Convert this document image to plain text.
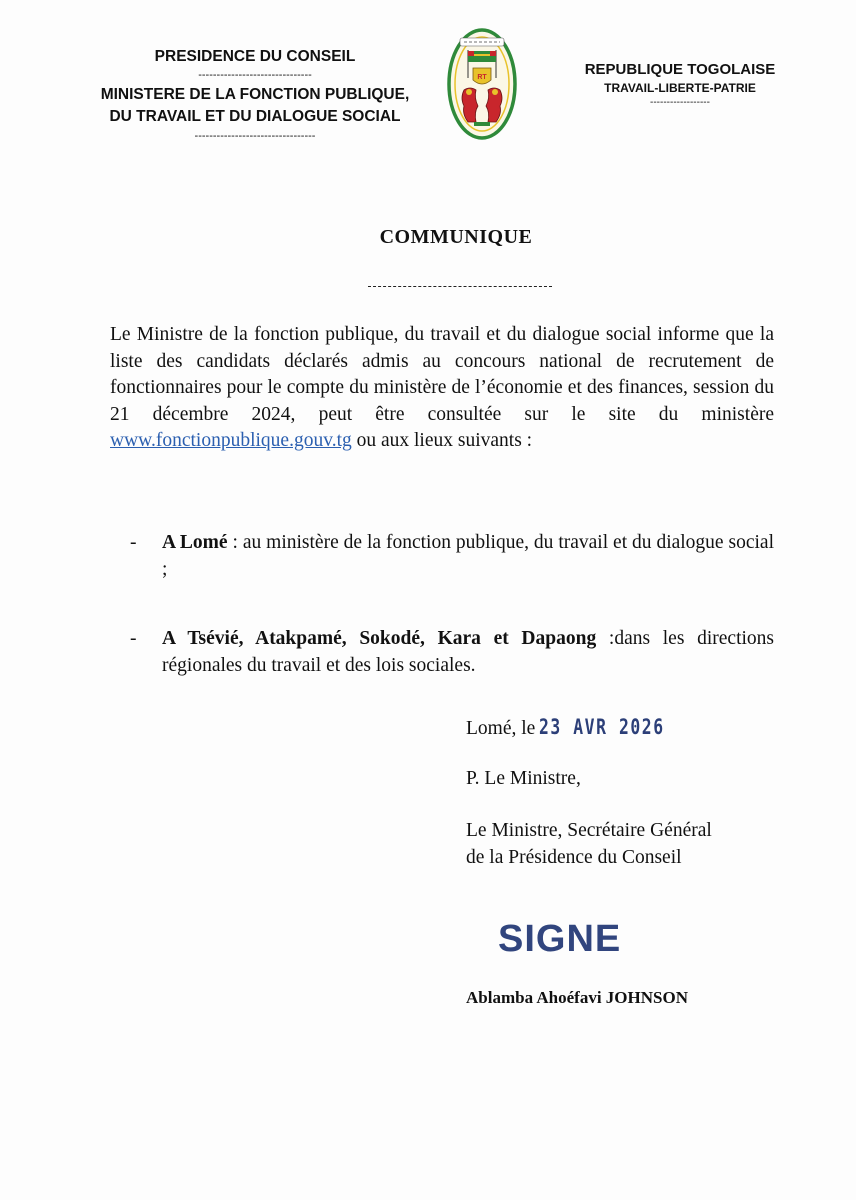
PRESIDENCE DU CONSEIL
-------------------------------
MINISTERE DE LA FONCTION PUBLIQUE,
DU TRAVAIL ET DU DIALOGUE SOCIAL
---------------------------------
RT	REPUBLIQUE TOGOLAISE
TRAVAIL-LIBERTE-PATRIE
------------------
COMMUNIQUE
Le Ministre de la fonction publique, du travail et du dialogue social informe que la liste des candidats déclarés admis au concours national de recrutement de fonctionnaires pour le compte du ministère de l’économie et des finances, session du 21 décembre 2024, peut être consultée sur le site du ministère www.fonctionpublique.gouv.tg ou aux lieux suivants :
- A Lomé : au ministère de la fonction publique, du travail et du dialogue social ;
- A Tsévié, Atakpamé, Sokodé, Kara et Dapaong :dans les directions régionales du travail et des lois sociales.
Lomé, le 23 AVR 2026
P. Le Ministre,
Le Ministre, Secrétaire Général
de la Présidence du Conseil
SIGNE
Ablamba Ahoéfavi JOHNSON
